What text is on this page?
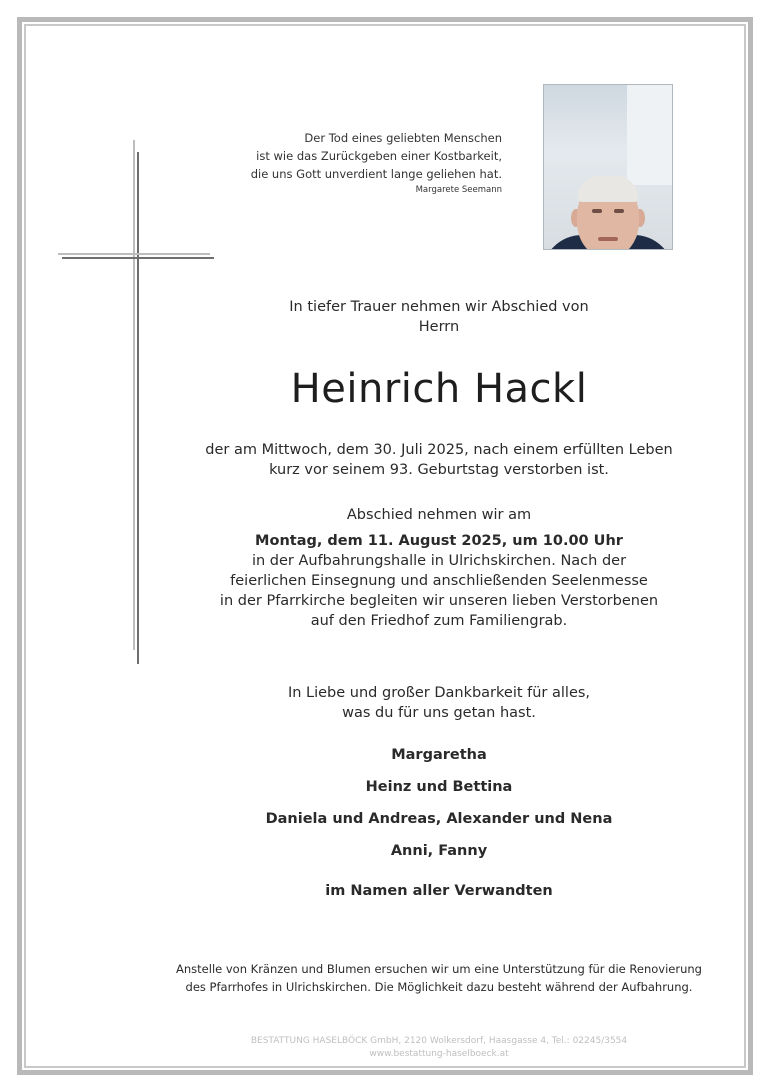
Der Tod eines geliebten Menschen
ist wie das Zurückgeben einer Kostbarkeit,
die uns Gott unverdient lange geliehen hat.
Margarete Seemann
In tiefer Trauer nehmen wir Abschied von
Herrn
Heinrich Hackl
der am Mittwoch, dem 30. Juli 2025, nach einem erfüllten Leben
kurz vor seinem 93. Geburtstag verstorben ist.
Abschied nehmen wir am
Montag, dem 11. August 2025, um 10.00 Uhr
in der Aufbahrungshalle in Ulrichskirchen. Nach der
feierlichen Einsegnung und anschließenden Seelenmesse
in der Pfarrkirche begleiten wir unseren lieben Verstorbenen
auf den Friedhof zum Familiengrab.
In Liebe und großer Dankbarkeit für alles,
was du für uns getan hast.
Margaretha
Heinz und Bettina
Daniela und Andreas, Alexander und Nena
Anni, Fanny
im Namen aller Verwandten
Anstelle von Kränzen und Blumen ersuchen wir um eine Unterstützung für die Renovierung
des Pfarrhofes in Ulrichskirchen. Die Möglichkeit dazu besteht während der Aufbahrung.
BESTATTUNG HASELBÖCK GmbH, 2120 Wolkersdorf, Haasgasse 4, Tel.: 02245/3554
www.bestattung-haselboeck.at
